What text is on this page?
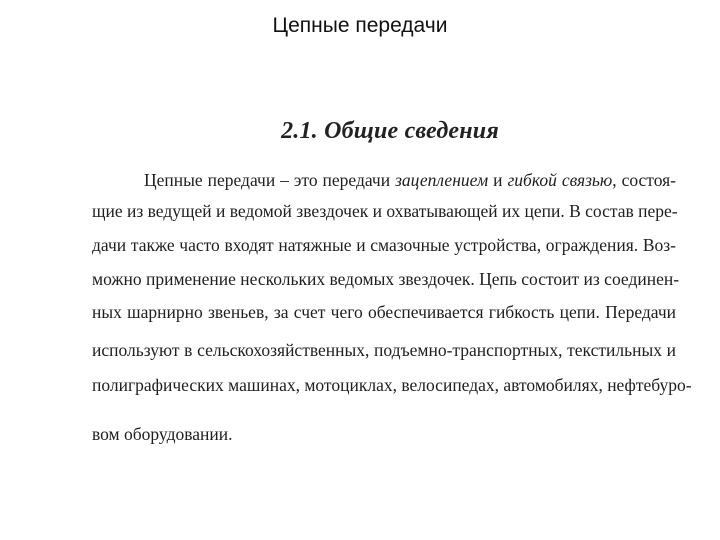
Цепные передачи
2.1. Общие сведения
Цепные передачи – это передачи зацеплением и гибкой связью, состоя-
щие из ведущей и ведомой звездочек и охватывающей их цепи. В состав пере-
дачи также часто входят натяжные и смазочные устройства, ограждения. Воз-
можно применение нескольких ведомых звездочек. Цепь состоит из соединен-
ных шарнирно звеньев, за счет чего обеспечивается гибкость цепи. Передачи
используют в сельскохозяйственных, подъемно-транспортных, текстильных и
полиграфических машинах, мотоциклах, велосипедах, автомобилях, нефтебуро-
вом оборудовании.
